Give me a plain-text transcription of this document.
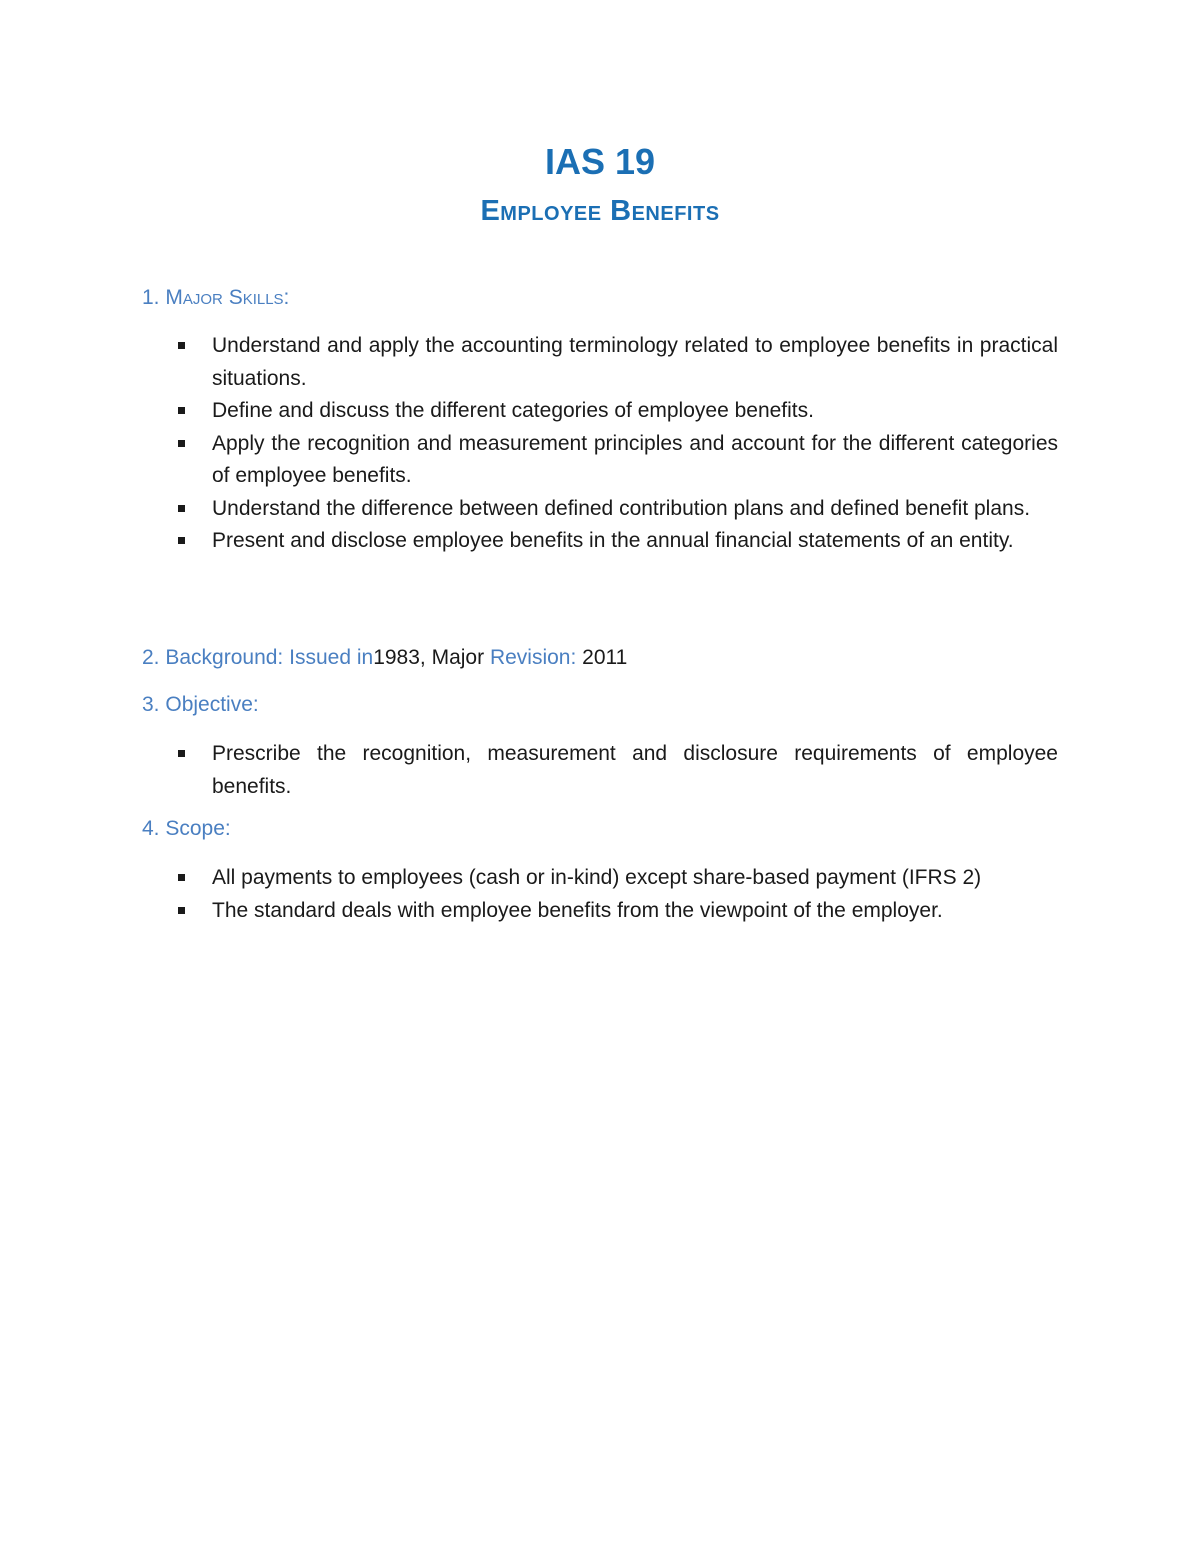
IAS 19
Employee Benefits
1. Major Skills:
Understand and apply the accounting terminology related to employee benefits in practical situations.
Define and discuss the different categories of employee benefits.
Apply the recognition and measurement principles and account for the different categories of employee benefits.
Understand the difference between defined contribution plans and defined benefit plans.
Present and disclose employee benefits in the annual financial statements of an entity.
2. Background: Issued in1983, Major Revision: 2011
3. Objective:
Prescribe the recognition, measurement and disclosure requirements of employee benefits.
4. Scope:
All payments to employees (cash or in-kind) except share-based payment (IFRS 2)
The standard deals with employee benefits from the viewpoint of the employer.
